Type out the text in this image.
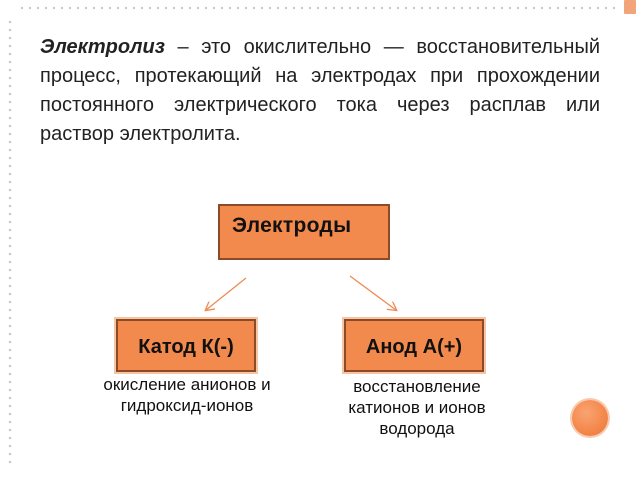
Электролиз – это окислительно — восстановительный процесс, протекающий на электродах при прохождении постоянного электрического тока через расплав или раствор электролита.

Электроды
Катод К(-)	Анод А(+)
окисление анионов и гидроксид-ионов
восстановление катионов и ионов водорода
